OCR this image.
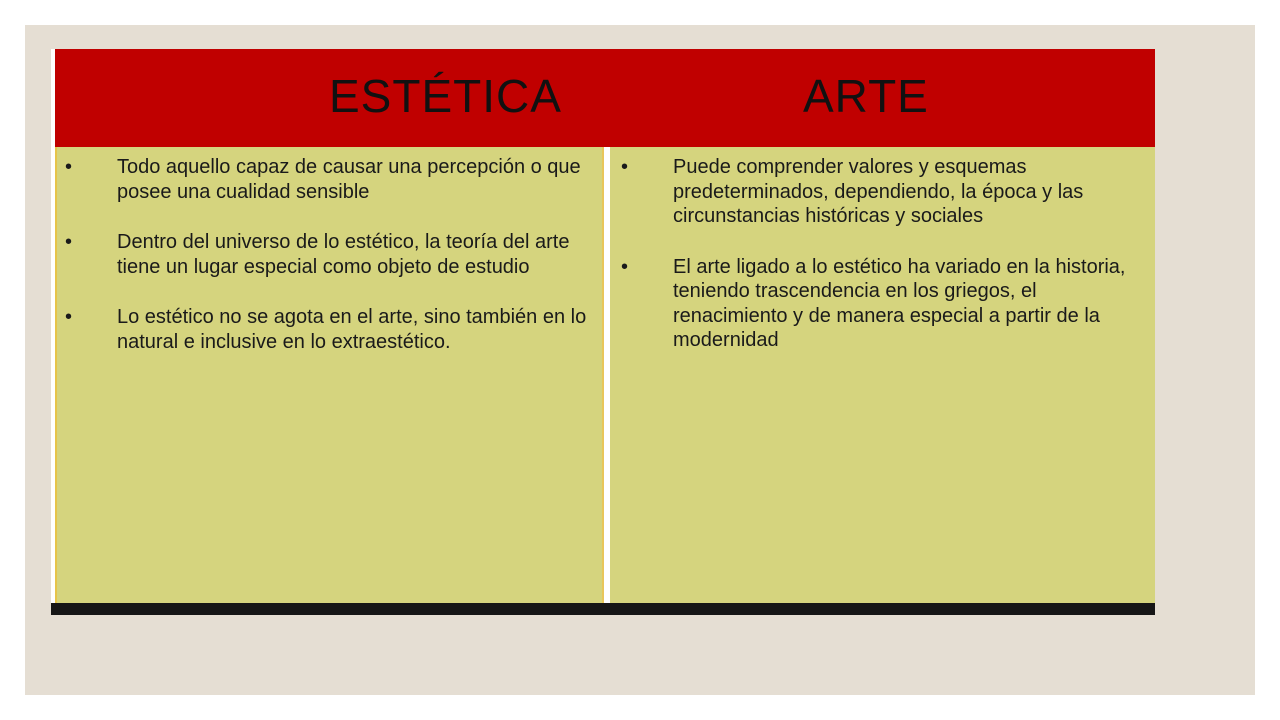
ESTÉTICA	ARTE
• Todo aquello capaz de causar una percepción o que posee una cualidad sensible
• Dentro del universo de lo estético, la teoría del arte tiene un lugar especial como objeto de estudio
• Lo estético no se agota en el arte, sino también en lo natural e inclusive en lo extraestético.
• Puede comprender valores y esquemas predeterminados, dependiendo, la época y las circunstancias históricas y sociales
• El arte ligado a lo estético ha variado en la historia, teniendo trascendencia en los griegos, el renacimiento y de manera especial a partir de la modernidad
